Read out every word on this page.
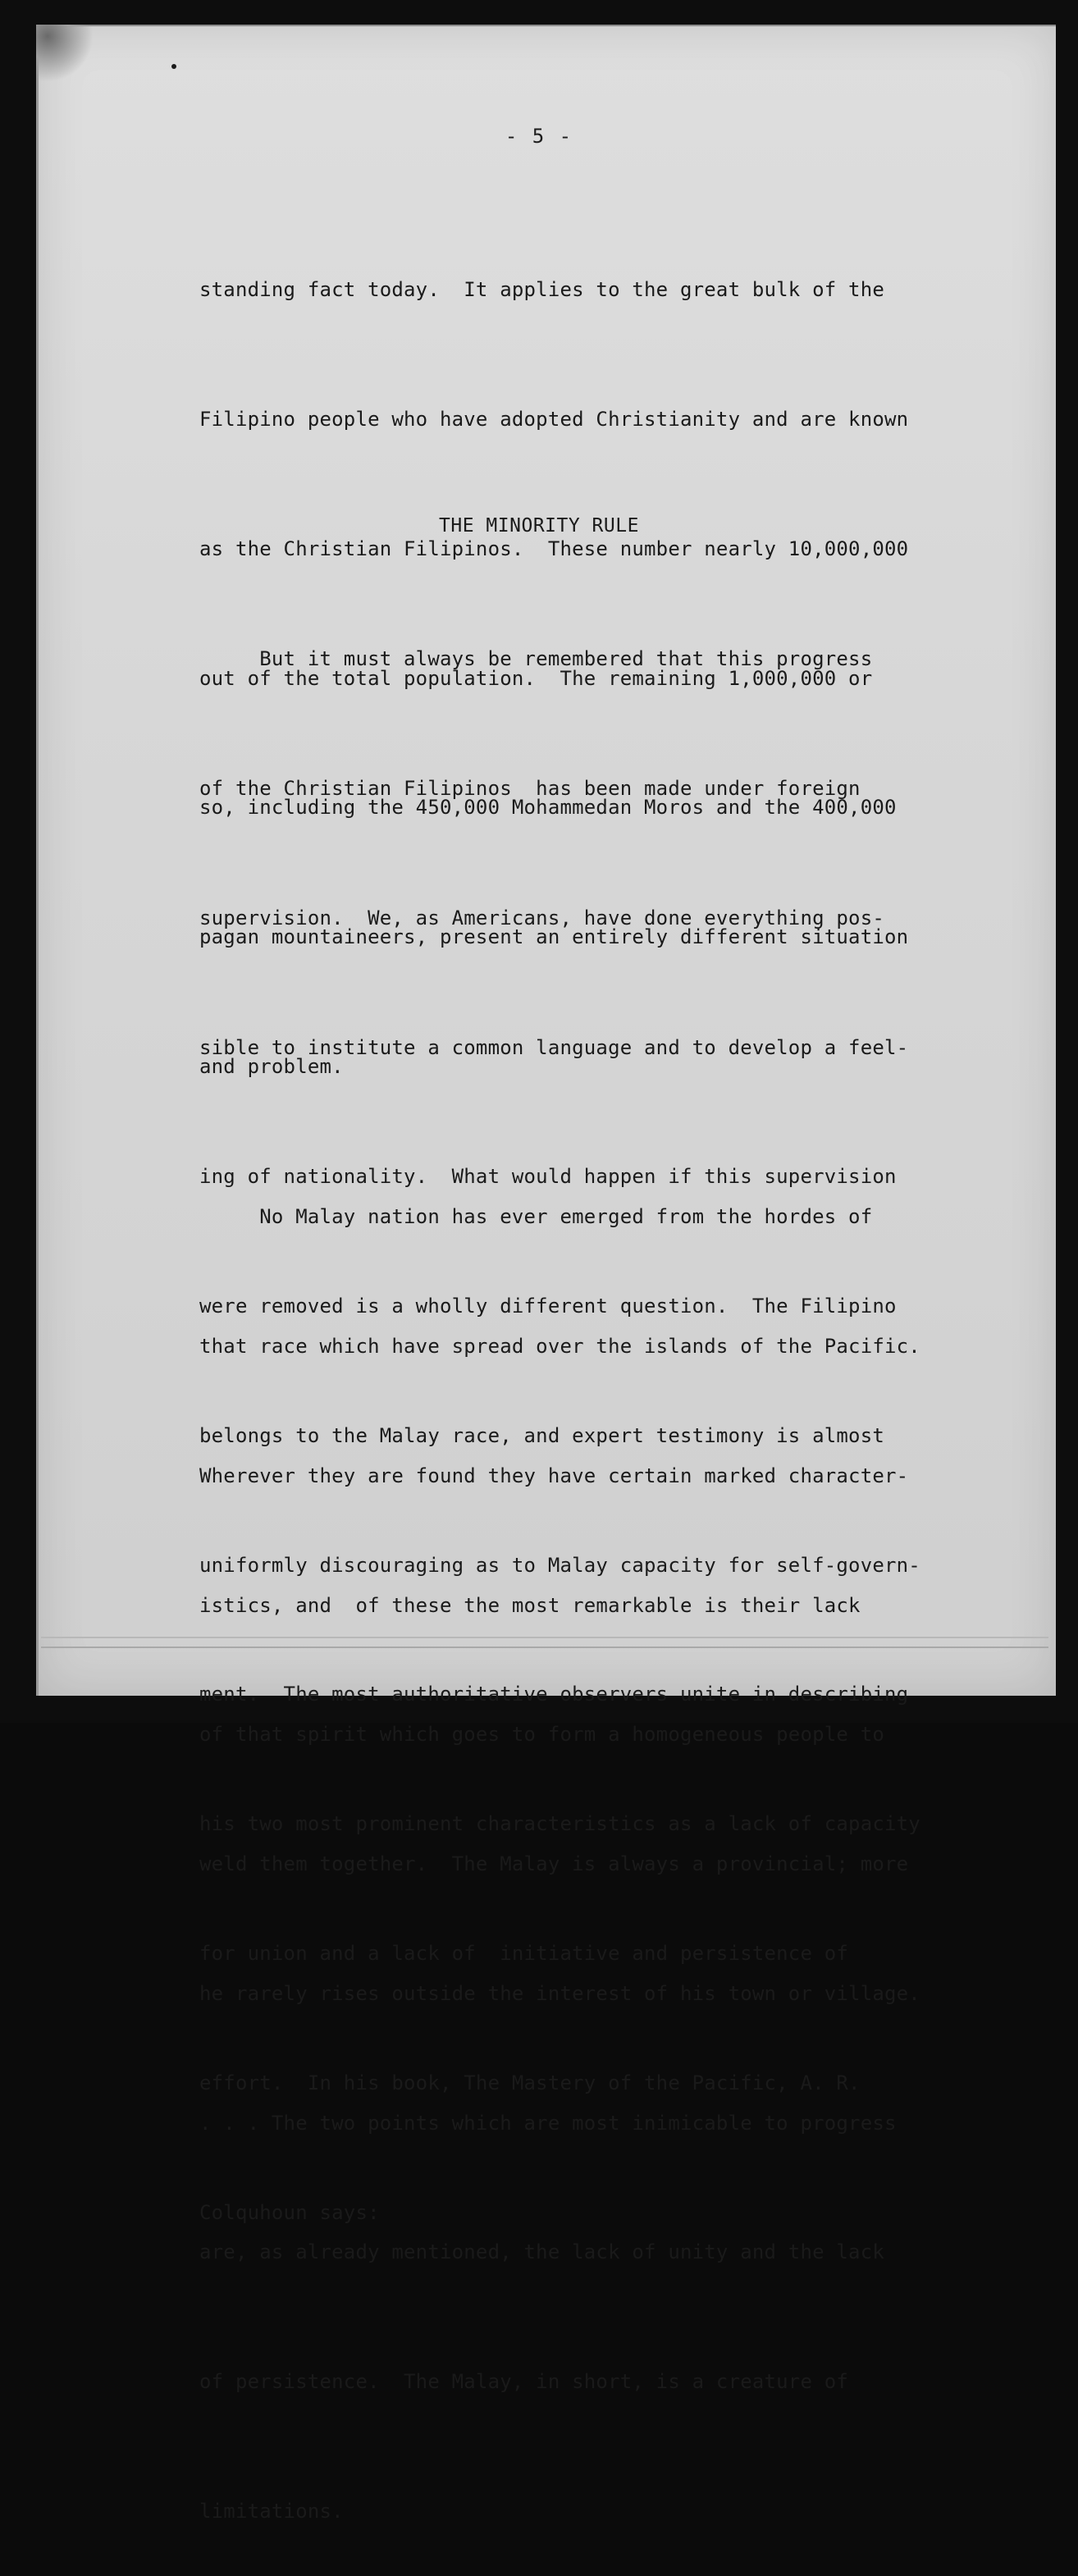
- 5 -

standing fact today.  It applies to the great bulk of the

Filipino people who have adopted Christianity and are known

as the Christian Filipinos.  These number nearly 10,000,000

out of the total population.  The remaining 1,000,000 or

so, including the 450,000 Mohammedan Moros and the 400,000

pagan mountaineers, present an entirely different situation

and problem.

THE MINORITY RULE

But it must always be remembered that this progress

of the Christian Filipinos  has been made under foreign

supervision.  We, as Americans, have done everything pos-

sible to institute a common language and to develop a feel-

ing of nationality.  What would happen if this supervision

were removed is a wholly different question.  The Filipino

belongs to the Malay race, and expert testimony is almost

uniformly discouraging as to Malay capacity for self-govern-

ment.  The most authoritative observers unite in describing

his two most prominent characteristics as a lack of capacity

for union and a lack of  initiative and persistence of

effort.  In his book, The Mastery of the Pacific, A. R.

Colquhoun says:

No Malay nation has ever emerged from the hordes of

that race which have spread over the islands of the Pacific.

Wherever they are found they have certain marked character-

istics, and  of these the most remarkable is their lack

of that spirit which goes to form a homogeneous people to

weld them together.  The Malay is always a provincial; more

he rarely rises outside the interest of his town or village.

. . . The two points which are most inimicable to progress

are, as already mentioned, the lack of unity and the lack

of persistence.  The Malay, in short, is a creature of

limitations.
